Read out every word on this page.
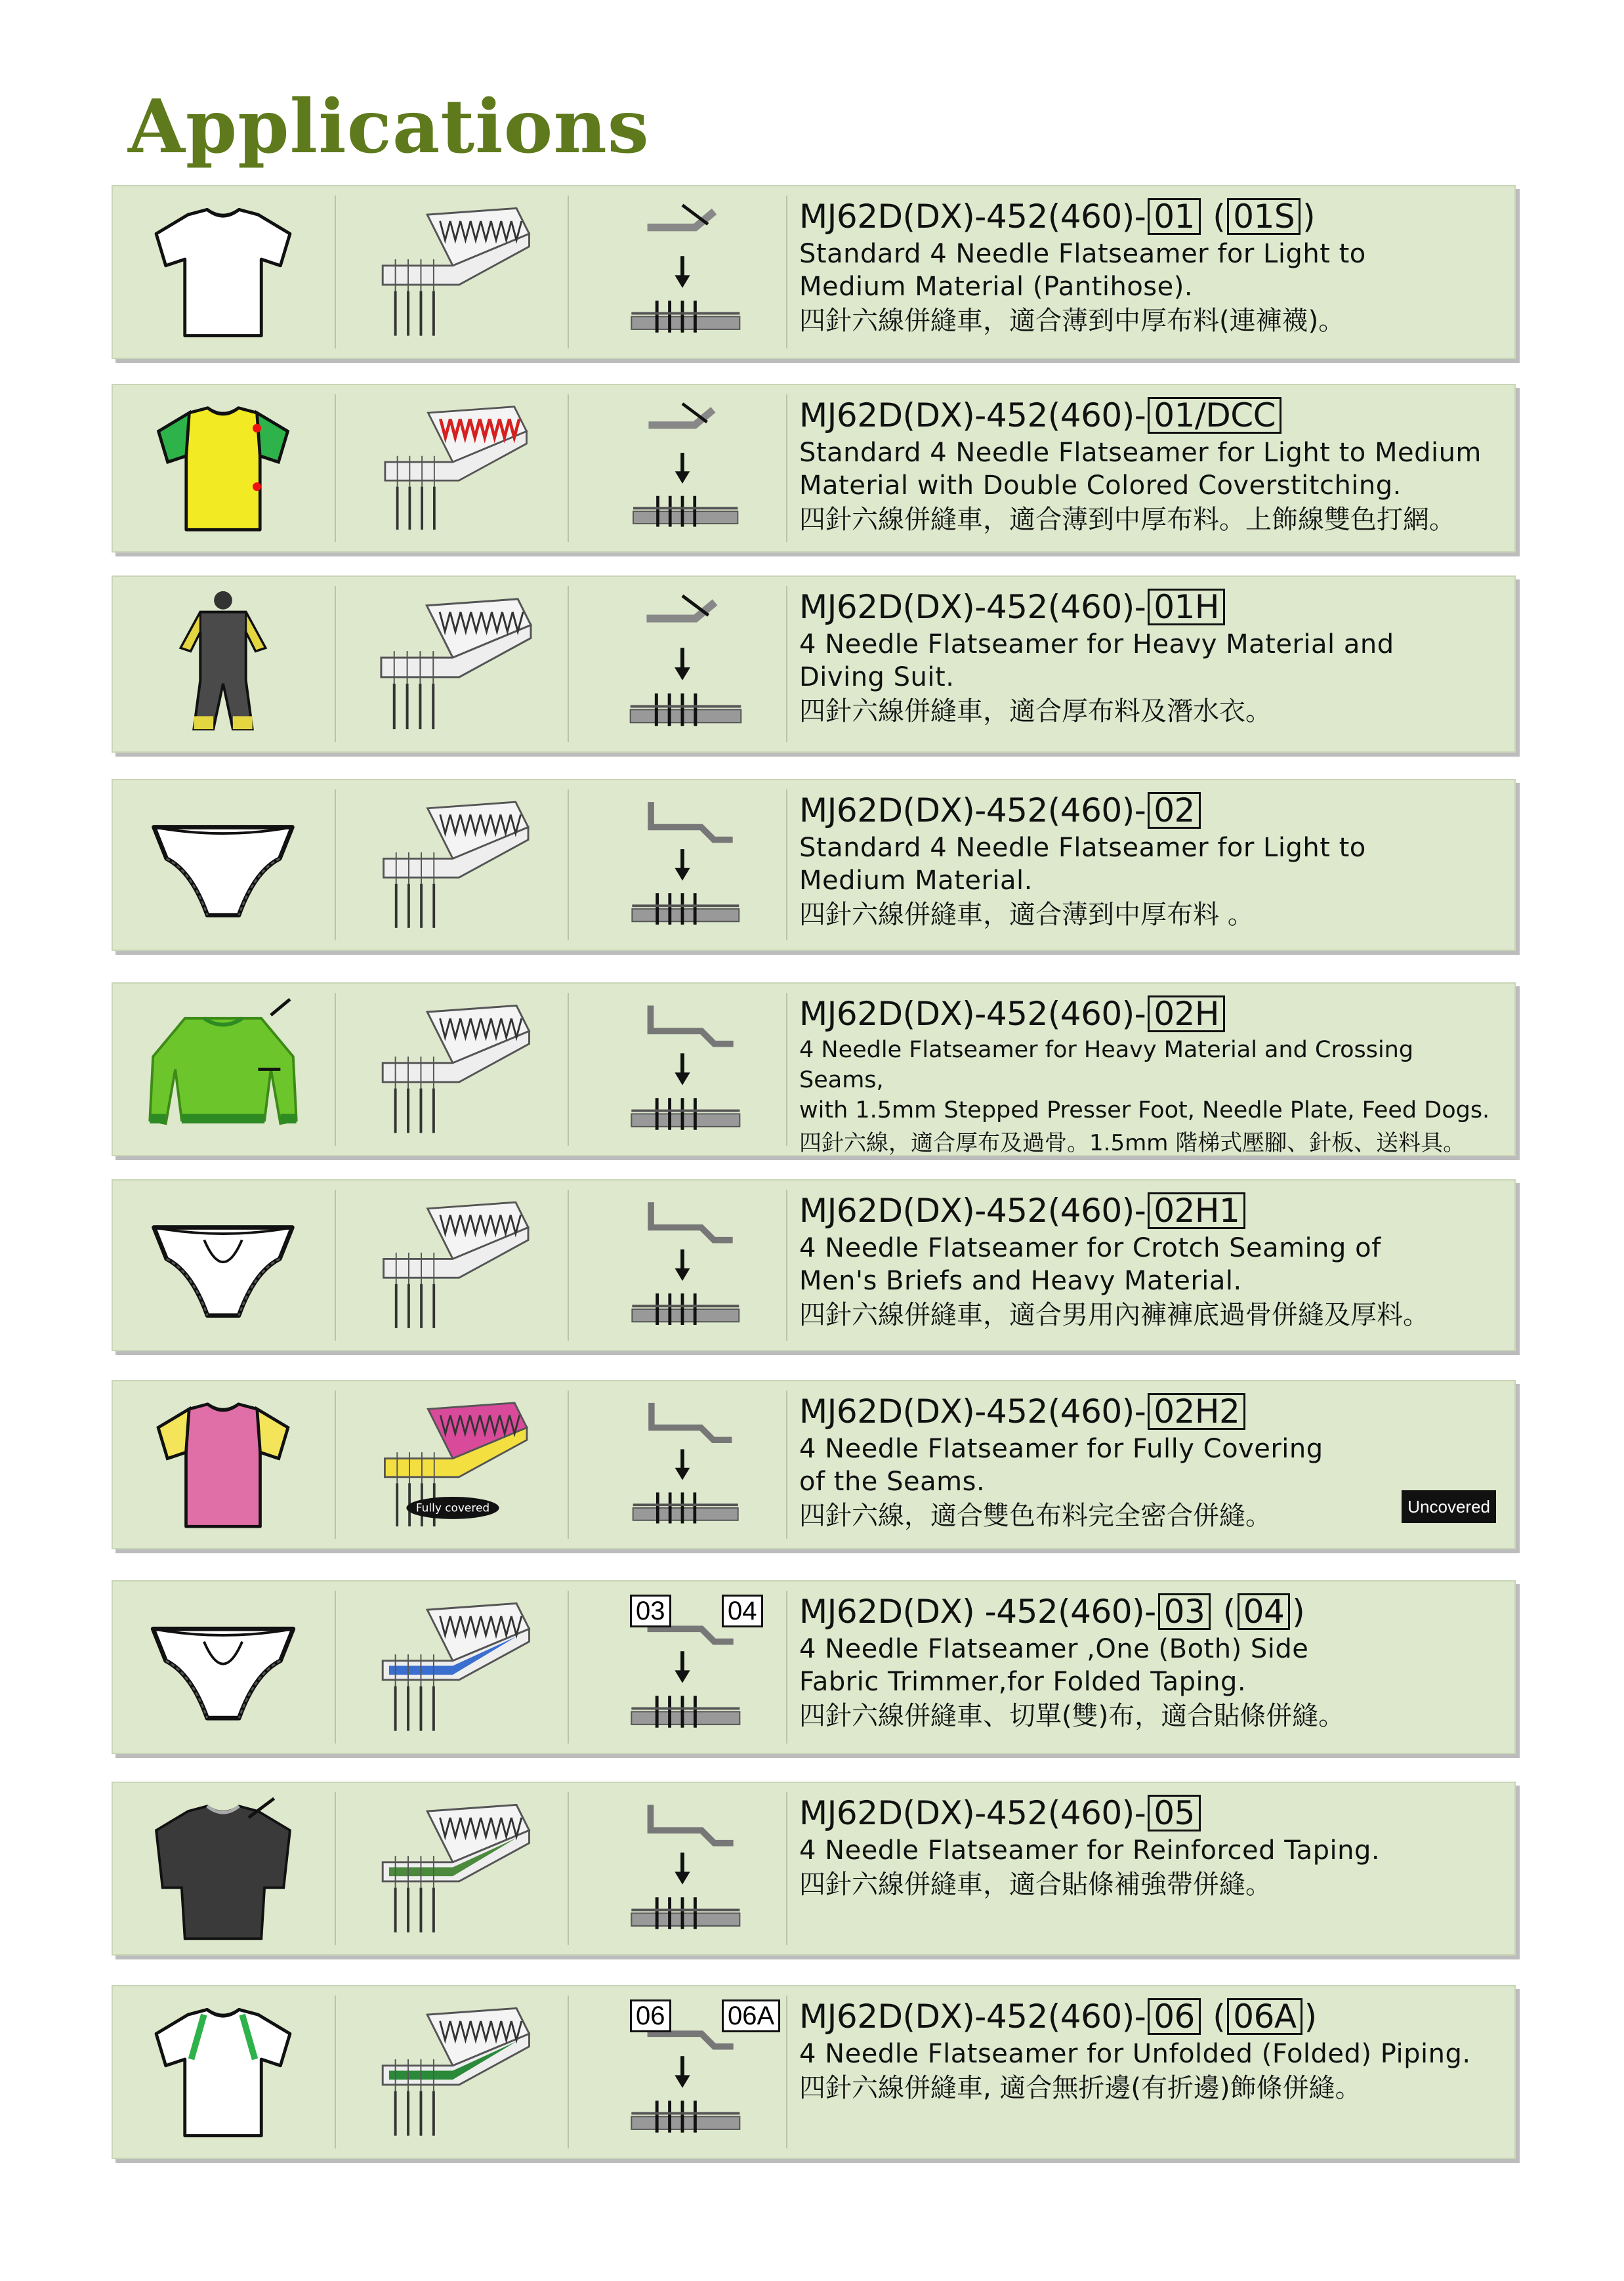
Applications
MJ62D(DX)-452(460)- 01 ( 01S )
Standard 4 Needle Flatseamer for Light to
Medium Material (Pantihose).
四針六線併縫車，適合薄到中厚布料(連褲襪)。
MJ62D(DX)-452(460)- 01/DCC
Standard 4 Needle Flatseamer for Light to Medium
Material with Double Colored Coverstitching.
四針六線併縫車，適合薄到中厚布料。上飾線雙色打網。
MJ62D(DX)-452(460)- 01H
4 Needle Flatseamer for Heavy Material and
Diving Suit.
四針六線併縫車，適合厚布料及潛水衣。
MJ62D(DX)-452(460)- 02
Standard 4 Needle Flatseamer for Light to
Medium Material.
四針六線併縫車，適合薄到中厚布料 。
MJ62D(DX)-452(460)- 02H
4 Needle Flatseamer for Heavy Material and Crossing Seams,
with 1.5mm Stepped Presser Foot, Needle Plate, Feed Dogs.
四針六線，適合厚布及過骨。1.5mm 階梯式壓腳、針板、送料具。
MJ62D(DX)-452(460)- 02H1
4 Needle Flatseamer for Crotch Seaming of
Men's Briefs and Heavy Material.
四針六線併縫車，適合男用內褲褲底過骨併縫及厚料。
Fully covered
MJ62D(DX)-452(460)- 02H2
4 Needle Flatseamer for Fully Covering
of the Seams.
四針六線，適合雙色布料完全密合併縫。	Uncovered
MJ62D(DX) -452(460)- 03 ( 04 )
4 Needle Flatseamer ,One (Both) Side
Fabric Trimmer,for Folded Taping.
四針六線併縫車、切單(雙)布，適合貼條併縫。
03 04
MJ62D(DX)-452(460)- 05
4 Needle Flatseamer for Reinforced Taping.
四針六線併縫車，適合貼條補強帶併縫。
MJ62D(DX)-452(460)- 06 ( 06A )
4 Needle Flatseamer for Unfolded (Folded) Piping.
四針六線併縫車, 適合無折邊(有折邊)飾條併縫。
06 06A
